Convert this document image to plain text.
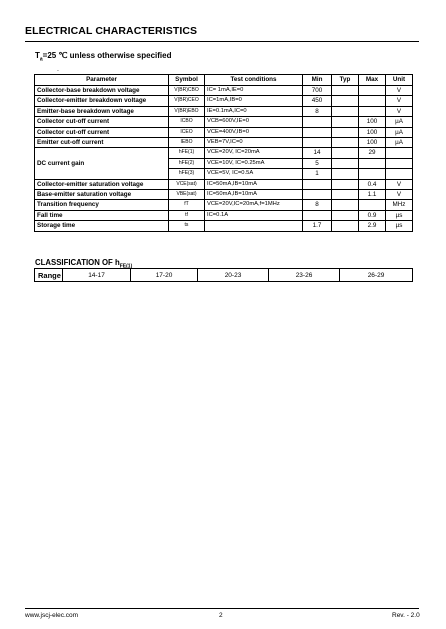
ELECTRICAL CHARACTERISTICS
$T_a=25$ ℃ unless otherwise specified
.
Parameter	Symbol	Test conditions	Min	Typ	Max	Unit
Collector-base breakdown voltage	V(BR)CBO	IC= 1mA,IE=0	700			V
Collector-emitter breakdown voltage	V(BR)CEO	IC=1mA,IB=0	450			V
Emitter-base breakdown voltage	V(BR)EBO	IE=0.1mA,IC=0	8			V
Collector cut-off current	ICBO	VCB=600V,IE=0			100	µA
Collector cut-off current	ICEO	VCE=400V,IB=0			100	µA
Emitter cut-off current	IEBO	VEB=7V,IC=0			100	µA
DC current gain	hFE(1)	VCE=20V, IC=20mA	14		29	
	hFE(2)	VCE=10V, IC=0.25mA	5			
	hFE(3)	VCE=5V, IC=0.5A	1			
Collector-emitter saturation voltage	VCE(sat)	IC=50mA,IB=10mA			0.4	V
Base-emitter saturation voltage	VBE(sat)	IC=50mA,IB=10mA			1.1	V
Transition frequency	fT	VCE=20V,IC=20mA,f=1MHz	8			MHz
Fall time	tf	IC=0.1A			0.9	µs
Storage time	ts		1.7		2.9	µs
CLASSIFICATION OF $h_{FE(1)}$
Range	14-17	17-20	20-23	23-26	26-29
www.jscj-elec.com	2	Rev. - 2.0
